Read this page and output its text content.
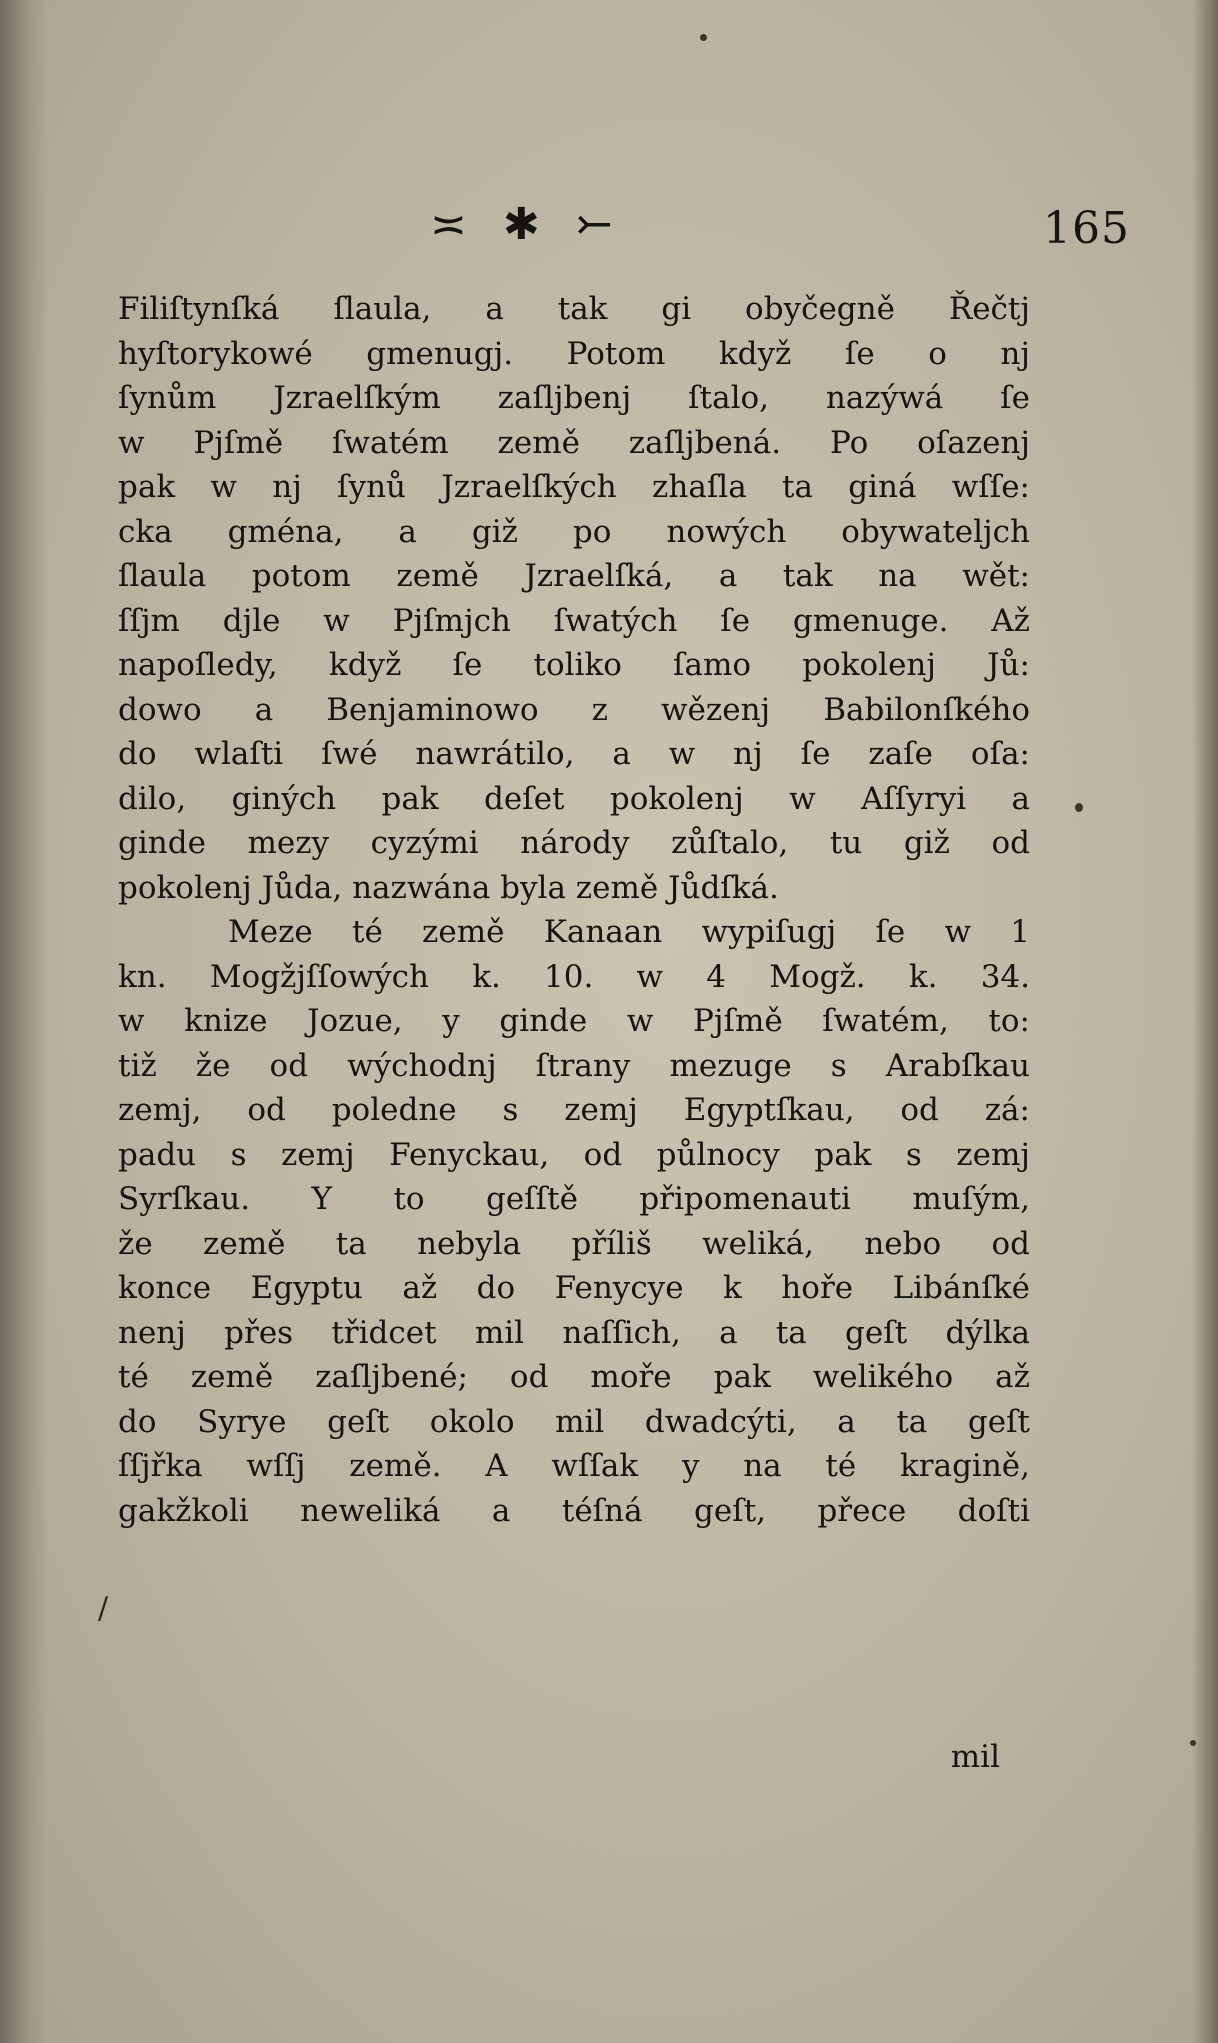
≍ ✱ ⤚	165
/
Filiſtynſká ſlaula, a tak gi obyčegně Řečtj
hyſtorykowé gmenugj. Potom když ſe o nj
ſynům Jzraelſkým zaſljbenj ſtalo, nazýwá ſe
w Pjſmě ſwatém země zaſljbená. Po oſazenj
pak w nj ſynů Jzraelſkých zhaſla ta giná wſſe:
cka gména, a giž po nowých obywateljch
ſlaula potom země Jzraelſká, a tak na wět:
ſſjm djle w Pjſmjch ſwatých ſe gmenuge. Až
napoſledy, když ſe toliko ſamo pokolenj Jů:
dowo a Benjaminowo z wězenj Babilonſkého
do wlaſti ſwé nawrátilo, a w nj ſe zaſe oſa:
dilo, giných pak deſet pokolenj w Aſſyryi a
ginde mezy cyzými národy zůſtalo, tu giž od
pokolenj Jůda, nazwána byla země Jůdſká.
Meze té země Kanaan wypiſugj ſe w 1
kn. Mogžjſſowých k. 10. w 4 Mogž. k. 34.
w knize Jozue, y ginde w Pjſmě ſwatém, to:
tiž že od wýchodnj ſtrany mezuge s Arabſkau
zemj, od poledne s zemj Egyptſkau, od zá:
padu s zemj Fenyckau, od půlnocy pak s zemj
Syrſkau. Y to geſſtě připomenauti muſým,
že země ta nebyla příliš weliká, nebo od
konce Egyptu až do Fenycye k hoře Libánſké
nenj přes třidcet mil naſſich, a ta geſt dýlka
té země zaſljbené; od moře pak welikého až
do Syrye geſt okolo mil dwadcýti, a ta geſt
ſſjřka wſſj země. A wſſak y na té kragině,
gakžkoli neweliká a téſná geſt, přece doſti
mil
